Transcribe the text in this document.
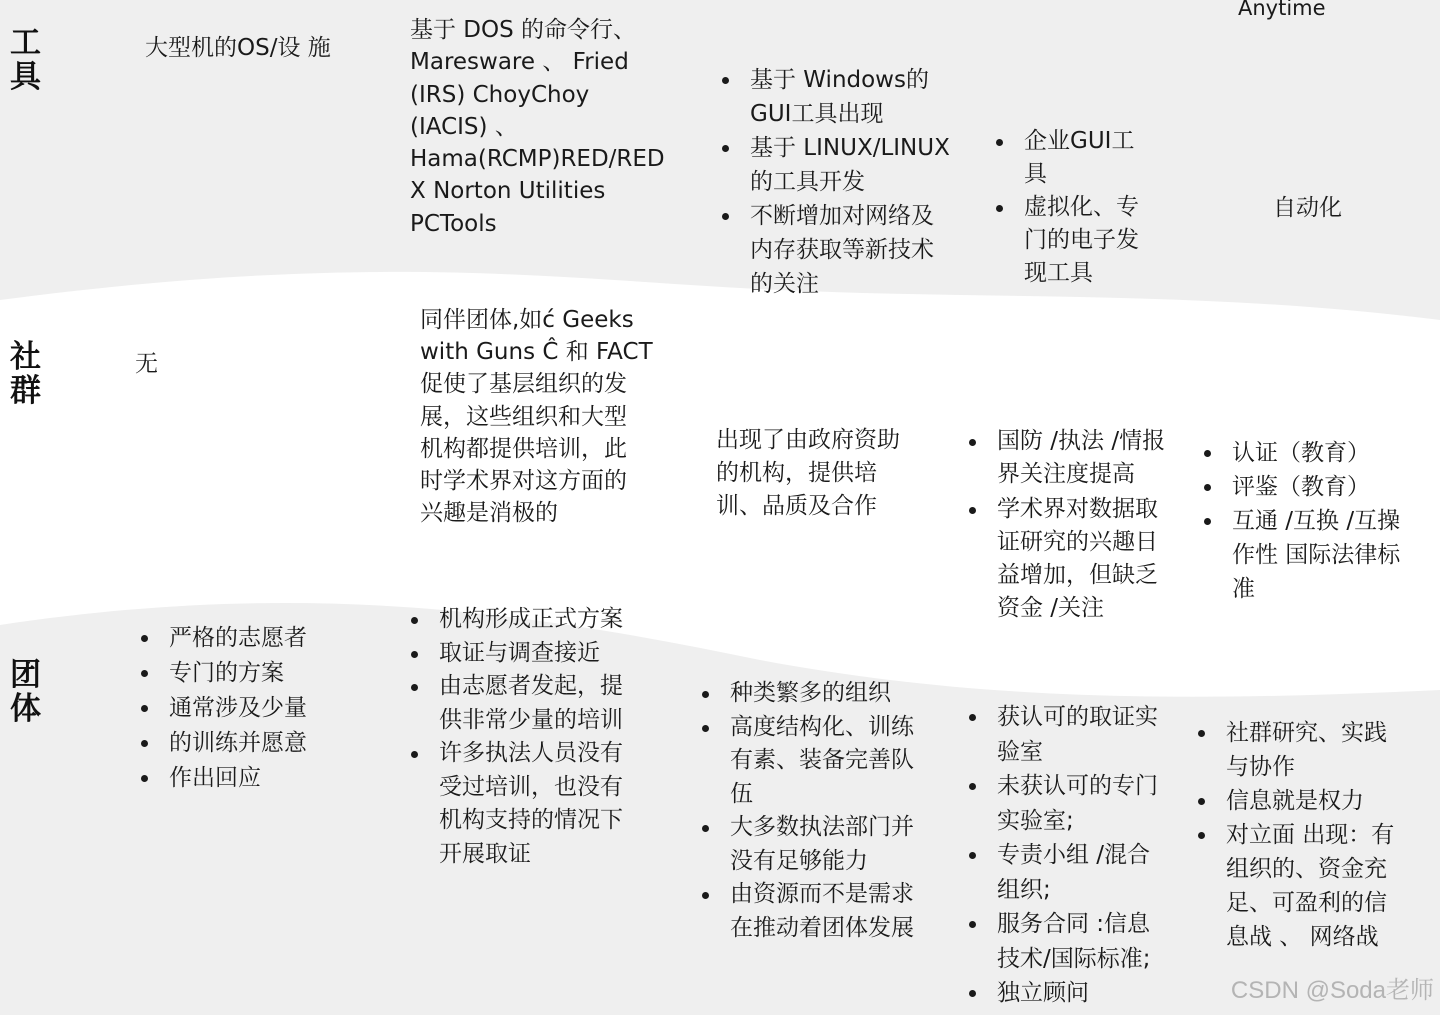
Anytime
工
具
社
群
团
体

大型机的OS/设 施

基于 DOS 的命令行、
Maresware 、 Fried
(IRS) ChoyChoy
(IACIS) 、
Hama(RCMP)RED/RED
X Norton Utilities
PCTools

基于 Windows的
GUI工具出现
基于 LINUX/LINUX
的工具开发
不断增加对网络及
内存获取等新技术
的关注
企业GUI工
具
虚拟化、专
门的电子发
现工具

自动化

无

同伴团体,如ć Geeks
with Guns Ĉ 和 FACT
促使了基层组织的发
展，这些组织和大型
机构都提供培训，此
时学术界对这方面的
兴趣是消极的

出现了由政府资助
的机构，提供培
训、品质及合作

国防 /执法 /情报
界关注度提高
学术界对数据取
证研究的兴趣日
益增加，但缺乏
资金 /关注
认证（教育）
评鉴（教育）
互通 /互换 /互操
作性 国际法律标
准
严格的志愿者
专门的方案
通常涉及少量
的训练并愿意
作出回应
机构形成正式方案
取证与调查接近
由志愿者发起，提
供非常少量的培训
许多执法人员没有
受过培训，也没有
机构支持的情况下
开展取证
种类繁多的组织
高度结构化、训练
有素、装备完善队
伍
大多数执法部门并
没有足够能力
由资源而不是需求
在推动着团体发展
获认可的取证实
验室
未获认可的专门
实验室;
专责小组 /混合
组织;
服务合同 :信息
技术/国际标准;
独立顾问
社群研究、实践
与协作
信息就是权力
对立面 出现：有
组织的、资金充
足、可盈利的信
息战 、 网络战
CSDN @Soda老师
